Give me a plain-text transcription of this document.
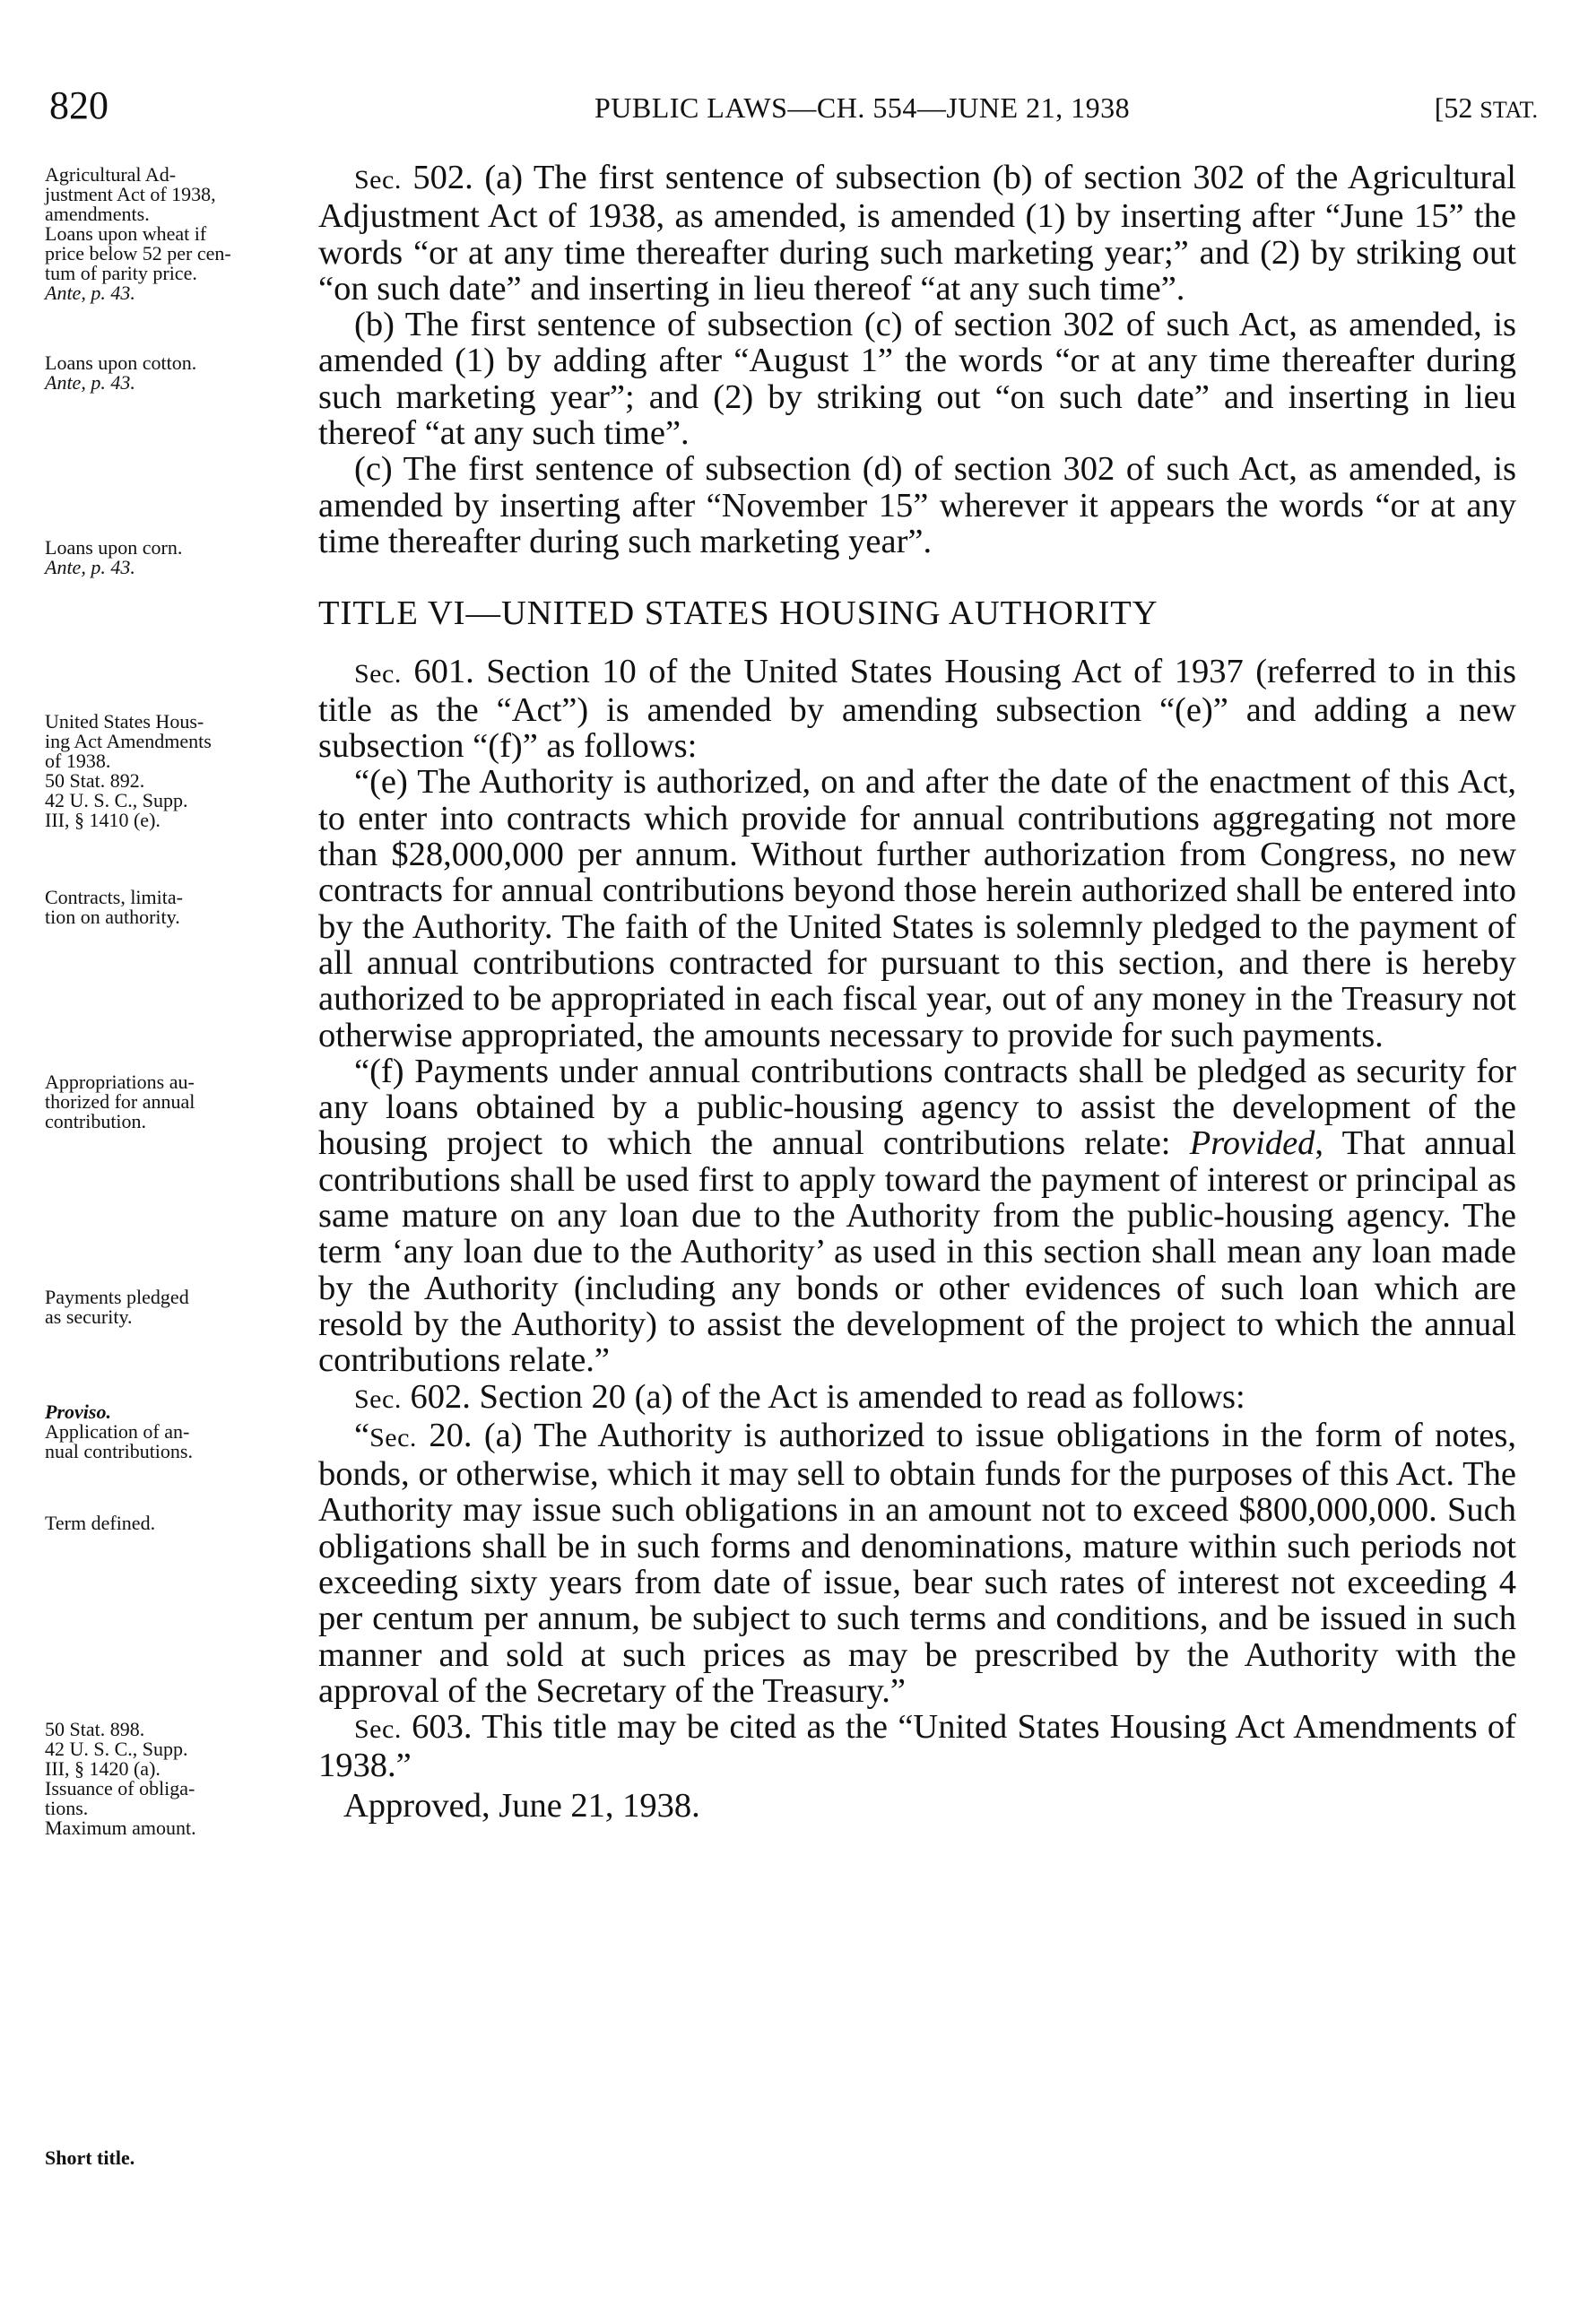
820	PUBLIC LAWS—CH. 554—JUNE 21, 1938	[52 STAT.
Agricultural Ad-
justment Act of 1938,
amendments.
Loans upon wheat if
price below 52 per cen-
tum of parity price.
Ante, p. 43.
Loans upon cotton.
Ante, p. 43.
Loans upon corn.
Ante, p. 43.
United States Hous-
ing Act Amendments
of 1938.
50 Stat. 892.
42 U. S. C., Supp.
III, § 1410 (e).
Contracts, limita-
tion on authority.
Appropriations au-
thorized for annual
contribution.
Payments pledged
as security.
Proviso.
Application of an-
nual contributions.
Term defined.
50 Stat. 898.
42 U. S. C., Supp.
III, § 1420 (a).
Issuance of obliga-
tions.
Maximum amount.
Short title.

Sec. 502. (a) The first sentence of subsection (b) of section 302 of the Agricultural Adjustment Act of 1938, as amended, is amended (1) by inserting after “June 15” the words “or at any time thereafter during such marketing year;” and (2) by striking out “on such date” and inserting in lieu thereof “at any such time”.

(b) The first sentence of subsection (c) of section 302 of such Act, as amended, is amended (1) by adding after “August 1” the words “or at any time thereafter during such marketing year”; and (2) by striking out “on such date” and inserting in lieu thereof “at any such time”.

(c) The first sentence of subsection (d) of section 302 of such Act, as amended, is amended by inserting after “November 15” wherever it appears the words “or at any time thereafter during such marketing year”.

TITLE VI—UNITED STATES HOUSING AUTHORITY

Sec. 601. Section 10 of the United States Housing Act of 1937 (referred to in this title as the “Act”) is amended by amending subsection “(e)” and adding a new subsection “(f)” as follows:

“(e) The Authority is authorized, on and after the date of the enactment of this Act, to enter into contracts which provide for annual contributions aggregating not more than $28,000,000 per annum. Without further authorization from Congress, no new contracts for annual contributions beyond those herein authorized shall be entered into by the Authority. The faith of the United States is solemnly pledged to the payment of all annual contributions contracted for pursuant to this section, and there is hereby authorized to be appropriated in each fiscal year, out of any money in the Treasury not otherwise appropriated, the amounts necessary to provide for such payments.

“(f) Payments under annual contributions contracts shall be pledged as security for any loans obtained by a public-housing agency to assist the development of the housing project to which the annual contributions relate: Provided, That annual contributions shall be used first to apply toward the payment of interest or principal as same mature on any loan due to the Authority from the public-housing agency. The term ‘any loan due to the Authority’ as used in this section shall mean any loan made by the Authority (including any bonds or other evidences of such loan which are resold by the Authority) to assist the development of the project to which the annual contributions relate.”

Sec. 602. Section 20 (a) of the Act is amended to read as follows:

“Sec. 20. (a) The Authority is authorized to issue obligations in the form of notes, bonds, or otherwise, which it may sell to obtain funds for the purposes of this Act. The Authority may issue such obligations in an amount not to exceed $800,000,000. Such obligations shall be in such forms and denominations, mature within such periods not exceeding sixty years from date of issue, bear such rates of interest not exceeding 4 per centum per annum, be subject to such terms and conditions, and be issued in such manner and sold at such prices as may be prescribed by the Authority with the approval of the Secretary of the Treasury.”

Sec. 603. This title may be cited as the “United States Housing Act Amendments of 1938.”

Approved, June 21, 1938.
